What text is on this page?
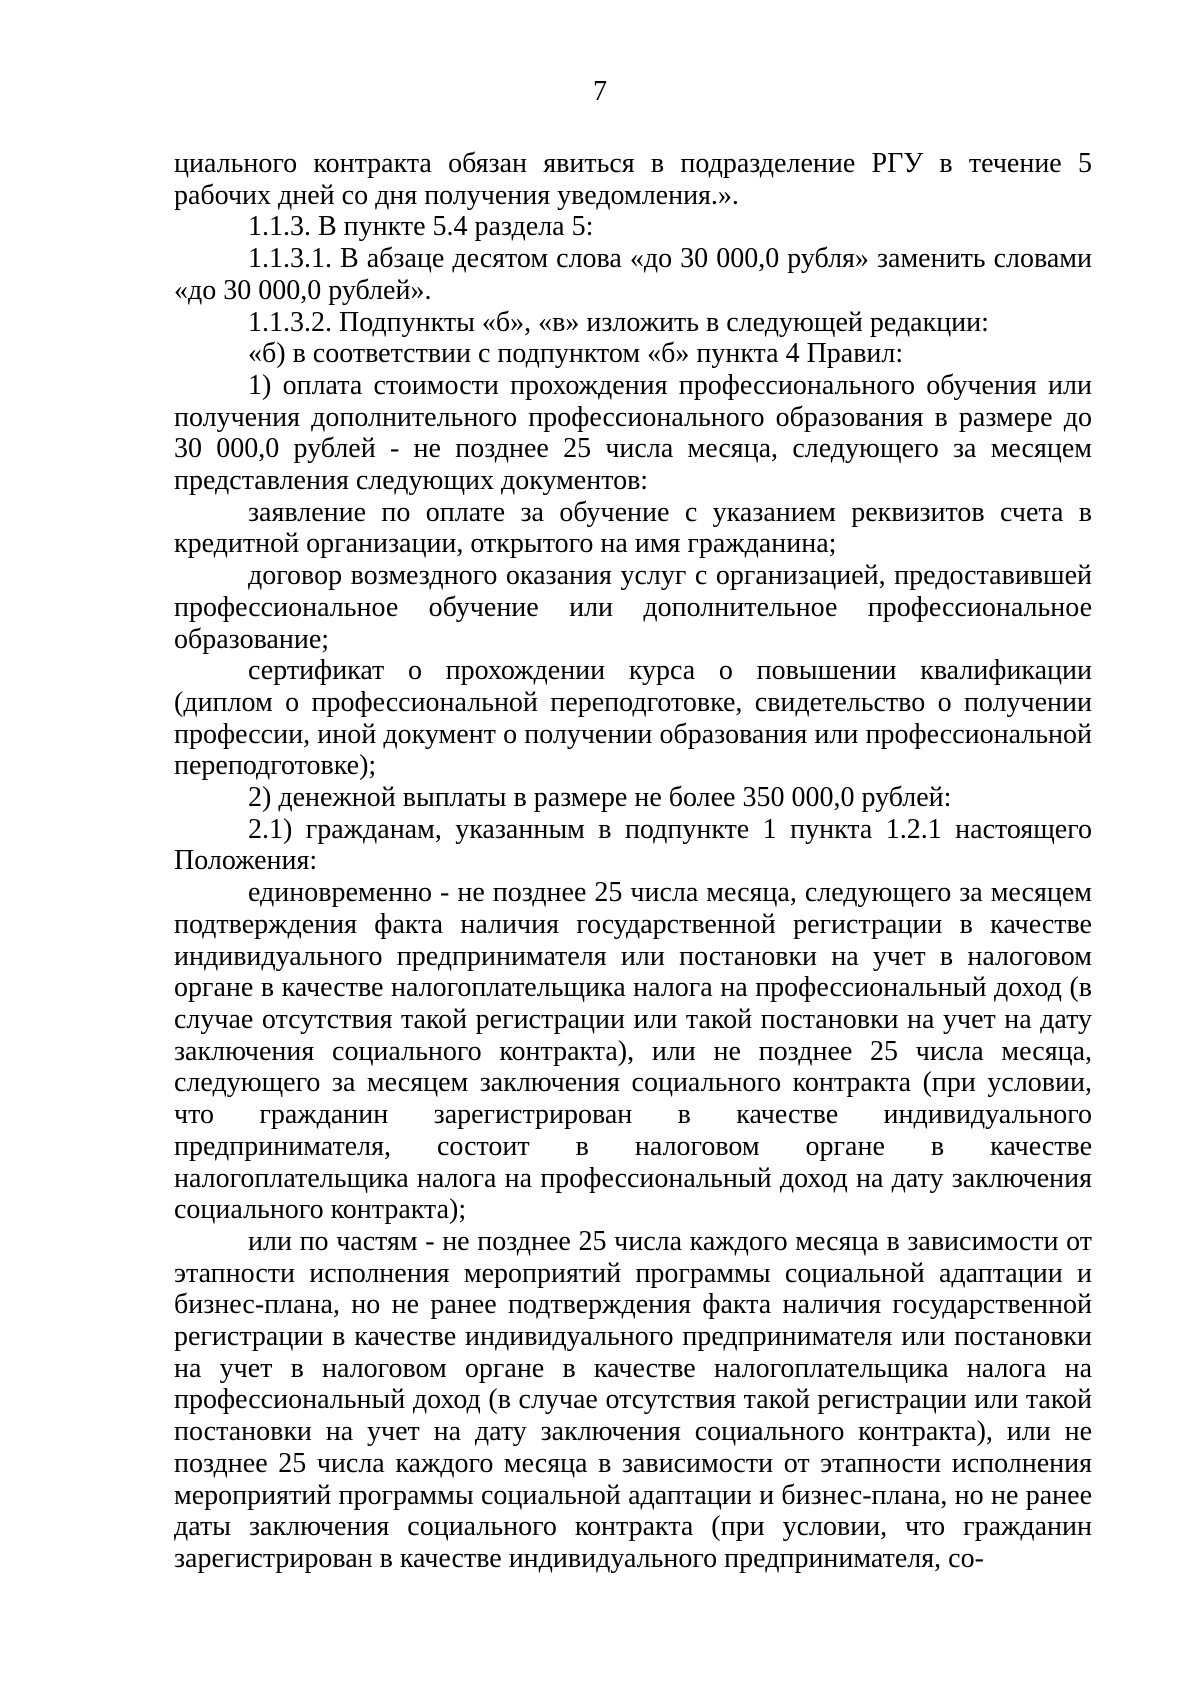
7

циального контракта обязан явиться в подразделение РГУ в течение 5 рабочих дней со дня получения уведомления.».

1.1.3. В пункте 5.4 раздела 5:

1.1.3.1. В абзаце десятом слова «до 30 000,0 рубля» заменить словами «до 30 000,0 рублей».

1.1.3.2. Подпункты «б», «в» изложить в следующей редакции:

«б) в соответствии с подпунктом «б» пункта 4 Правил:

1) оплата стоимости прохождения профессионального обучения или получения дополнительного профессионального образования в размере до 30 000,0 рублей - не позднее 25 числа месяца, следующего за месяцем представления следующих документов:

заявление по оплате за обучение с указанием реквизитов счета в кредитной организации, открытого на имя гражданина;

договор возмездного оказания услуг с организацией, предоставившей профессиональное обучение или дополнительное профессиональное образование;

сертификат о прохождении курса о повышении квалификации (диплом о профессиональной переподготовке, свидетельство о получении профессии, иной документ о получении образования или профессиональной переподготовке);

2) денежной выплаты в размере не более 350 000,0 рублей:

2.1) гражданам, указанным в подпункте 1 пункта 1.2.1 настоящего Положения:

единовременно - не позднее 25 числа месяца, следующего за месяцем подтверждения факта наличия государственной регистрации в качестве индивидуального предпринимателя или постановки на учет в налоговом органе в качестве налогоплательщика налога на профессиональный доход (в случае отсутствия такой регистрации или такой постановки на учет на дату заключения социального контракта), или не позднее 25 числа месяца, следующего за месяцем заключения социального контракта (при условии, что гражданин зарегистрирован в качестве индивидуального предпринимателя, состоит в налоговом органе в качестве налогоплательщика налога на профессиональный доход на дату заключения социального контракта);

или по частям - не позднее 25 числа каждого месяца в зависимости от этапности исполнения мероприятий программы социальной адаптации и бизнес-плана, но не ранее подтверждения факта наличия государственной регистрации в качестве индивидуального предпринимателя или постановки на учет в налоговом органе в качестве налогоплательщика налога на профессиональный доход (в случае отсутствия такой регистрации или такой постановки на учет на дату заключения социального контракта), или не позднее 25 числа каждого месяца в зависимости от этапности исполнения мероприятий программы социальной адаптации и бизнес-плана, но не ранее даты заключения социального контракта (при условии, что гражданин зарегистрирован в качестве индивидуального предпринимателя, со-
